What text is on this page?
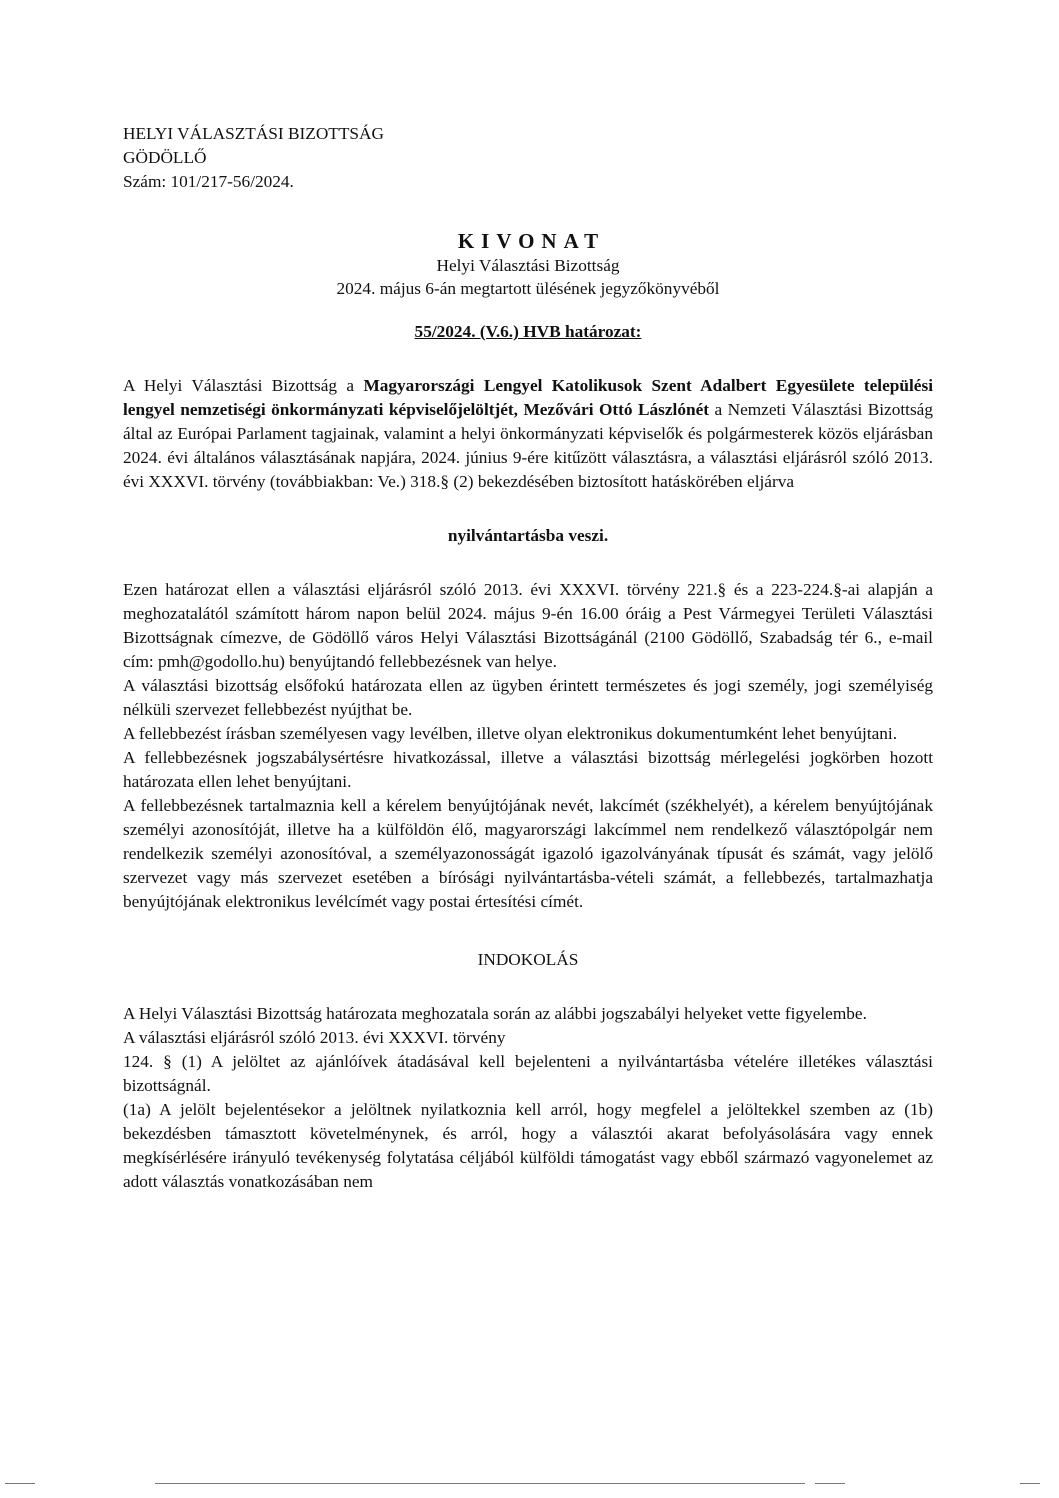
HELYI VÁLASZTÁSI BIZOTTSÁG
GÖDÖLLŐ
Szám: 101/217-56/2024.
KIVONAT
Helyi Választási Bizottság
2024. május 6-án megtartott ülésének jegyzőkönyvéből
55/2024. (V.6.) HVB határozat:

A Helyi Választási Bizottság a Magyarországi Lengyel Katolikusok Szent Adalbert Egyesülete települési lengyel nemzetiségi önkormányzati képviselőjelöltjét, Mezővári Ottó Lászlónét a Nemzeti Választási Bizottság által az Európai Parlament tagjainak, valamint a helyi önkormányzati képviselők és polgármesterek közös eljárásban 2024. évi általános választásának napjára, 2024. június 9-ére kitűzött választásra, a választási eljárásról szóló 2013. évi XXXVI. törvény (továbbiakban: Ve.) 318.§ (2) bekezdésében biztosított hatáskörében eljárva

nyilvántartásba veszi.

Ezen határozat ellen a választási eljárásról szóló 2013. évi XXXVI. törvény 221.§ és a 223-224.§-ai alapján a meghozatalától számított három napon belül 2024. május 9-én 16.00 óráig a Pest Vármegyei Területi Választási Bizottságnak címezve, de Gödöllő város Helyi Választási Bizottságánál (2100 Gödöllő, Szabadság tér 6., e-mail cím: pmh@godollo.hu) benyújtandó fellebbezésnek van helye.

A választási bizottság elsőfokú határozata ellen az ügyben érintett természetes és jogi személy, jogi személyiség nélküli szervezet fellebbezést nyújthat be.

A fellebbezést írásban személyesen vagy levélben, illetve olyan elektronikus dokumentumként lehet benyújtani.

A fellebbezésnek jogszabálysértésre hivatkozással, illetve a választási bizottság mérlegelési jogkörben hozott határozata ellen lehet benyújtani.

A fellebbezésnek tartalmaznia kell a kérelem benyújtójának nevét, lakcímét (székhelyét), a kérelem benyújtójának személyi azonosítóját, illetve ha a külföldön élő, magyarországi lakcímmel nem rendelkező választópolgár nem rendelkezik személyi azonosítóval, a személyazonosságát igazoló igazolványának típusát és számát, vagy jelölő szervezet vagy más szervezet esetében a bírósági nyilvántartásba-vételi számát, a fellebbezés, tartalmazhatja benyújtójának elektronikus levélcímét vagy postai értesítési címét.

INDOKOLÁS

A Helyi Választási Bizottság határozata meghozatala során az alábbi jogszabályi helyeket vette figyelembe.

A választási eljárásról szóló 2013. évi XXXVI. törvény

124. § (1) A jelöltet az ajánlóívek átadásával kell bejelenteni a nyilvántartásba vételére illetékes választási bizottságnál.

(1a) A jelölt bejelentésekor a jelöltnek nyilatkoznia kell arról, hogy megfelel a jelöltekkel szemben az (1b) bekezdésben támasztott követelménynek, és arról, hogy a választói akarat befolyásolására vagy ennek megkísérlésére irányuló tevékenység folytatása céljából külföldi támogatást vagy ebből származó vagyonelemet az adott választás vonatkozásában nem
